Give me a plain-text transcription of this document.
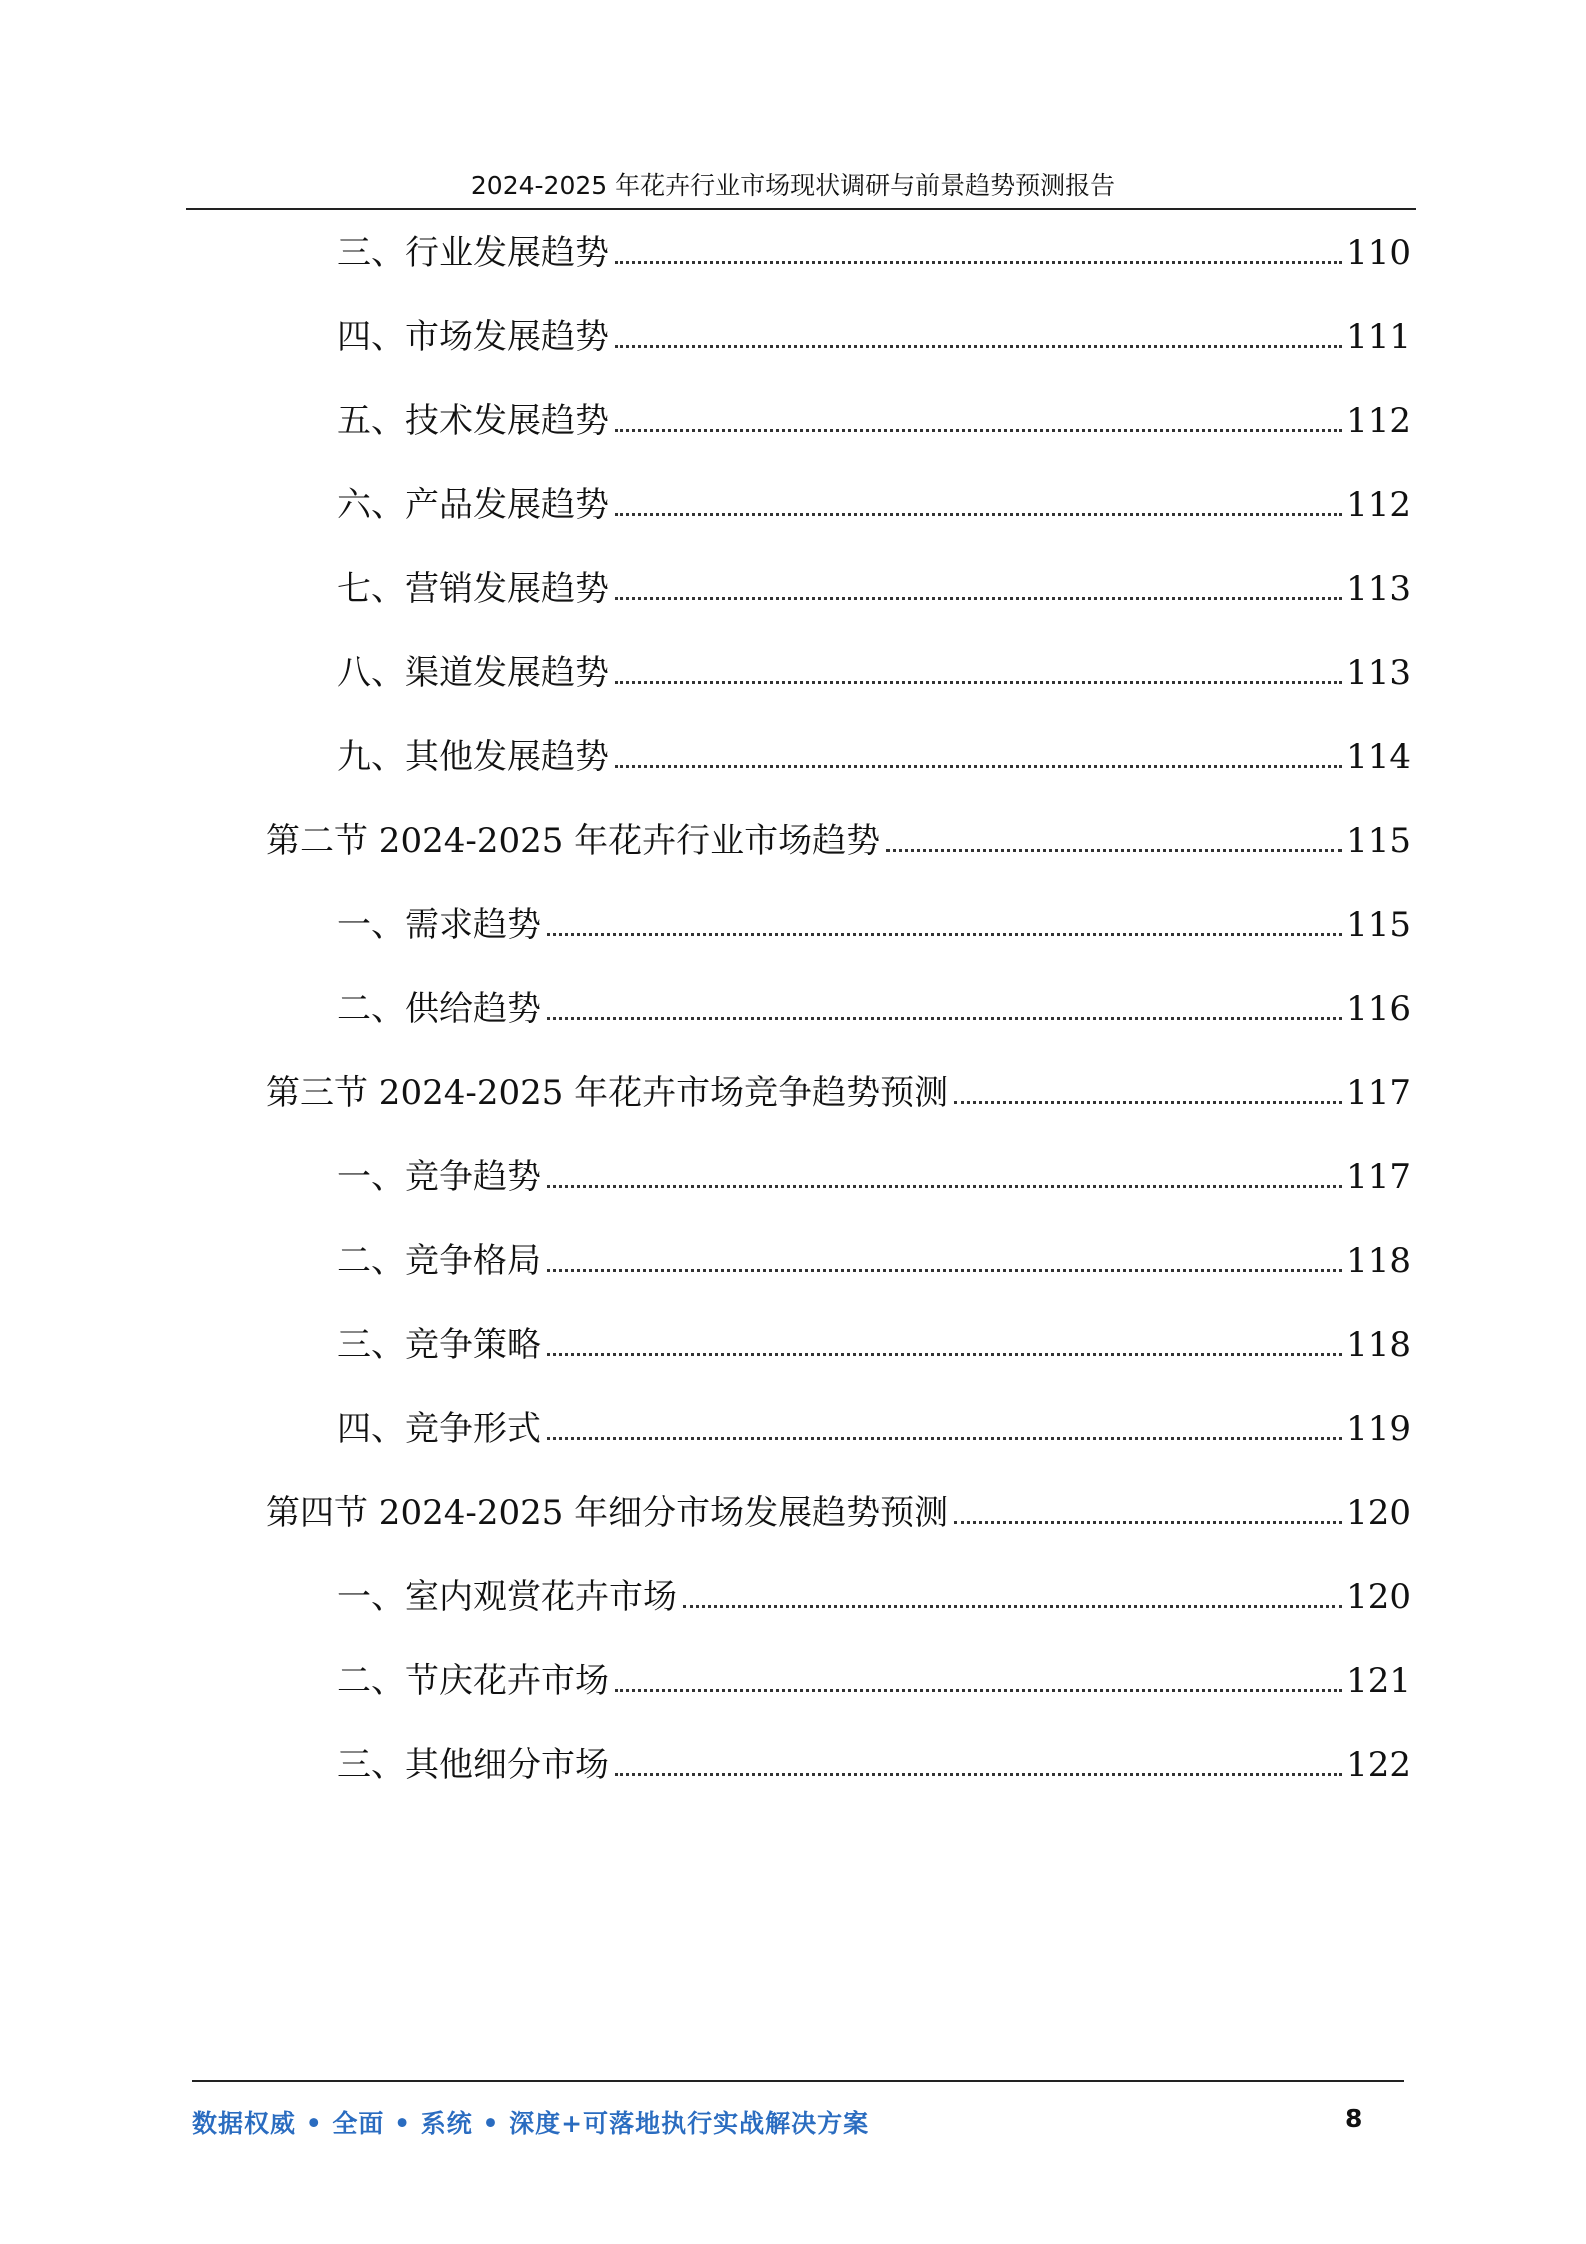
2024-2025 年花卉行业市场现状调研与前景趋势预测报告
三、行业发展趋势	110
四、市场发展趋势	111
五、技术发展趋势	112
六、产品发展趋势	112
七、营销发展趋势	113
八、渠道发展趋势	113
九、其他发展趋势	114
第二节 2024-2025 年花卉行业市场趋势	115
一、需求趋势	115
二、供给趋势	116
第三节 2024-2025 年花卉市场竞争趋势预测	117
一、竞争趋势	117
二、竞争格局	118
三、竞争策略	118
四、竞争形式	119
第四节 2024-2025 年细分市场发展趋势预测	120
一、室内观赏花卉市场	120
二、节庆花卉市场	121
三、其他细分市场	122
数据权威 • 全面 • 系统 • 深度+可落地执行实战解决方案	8
